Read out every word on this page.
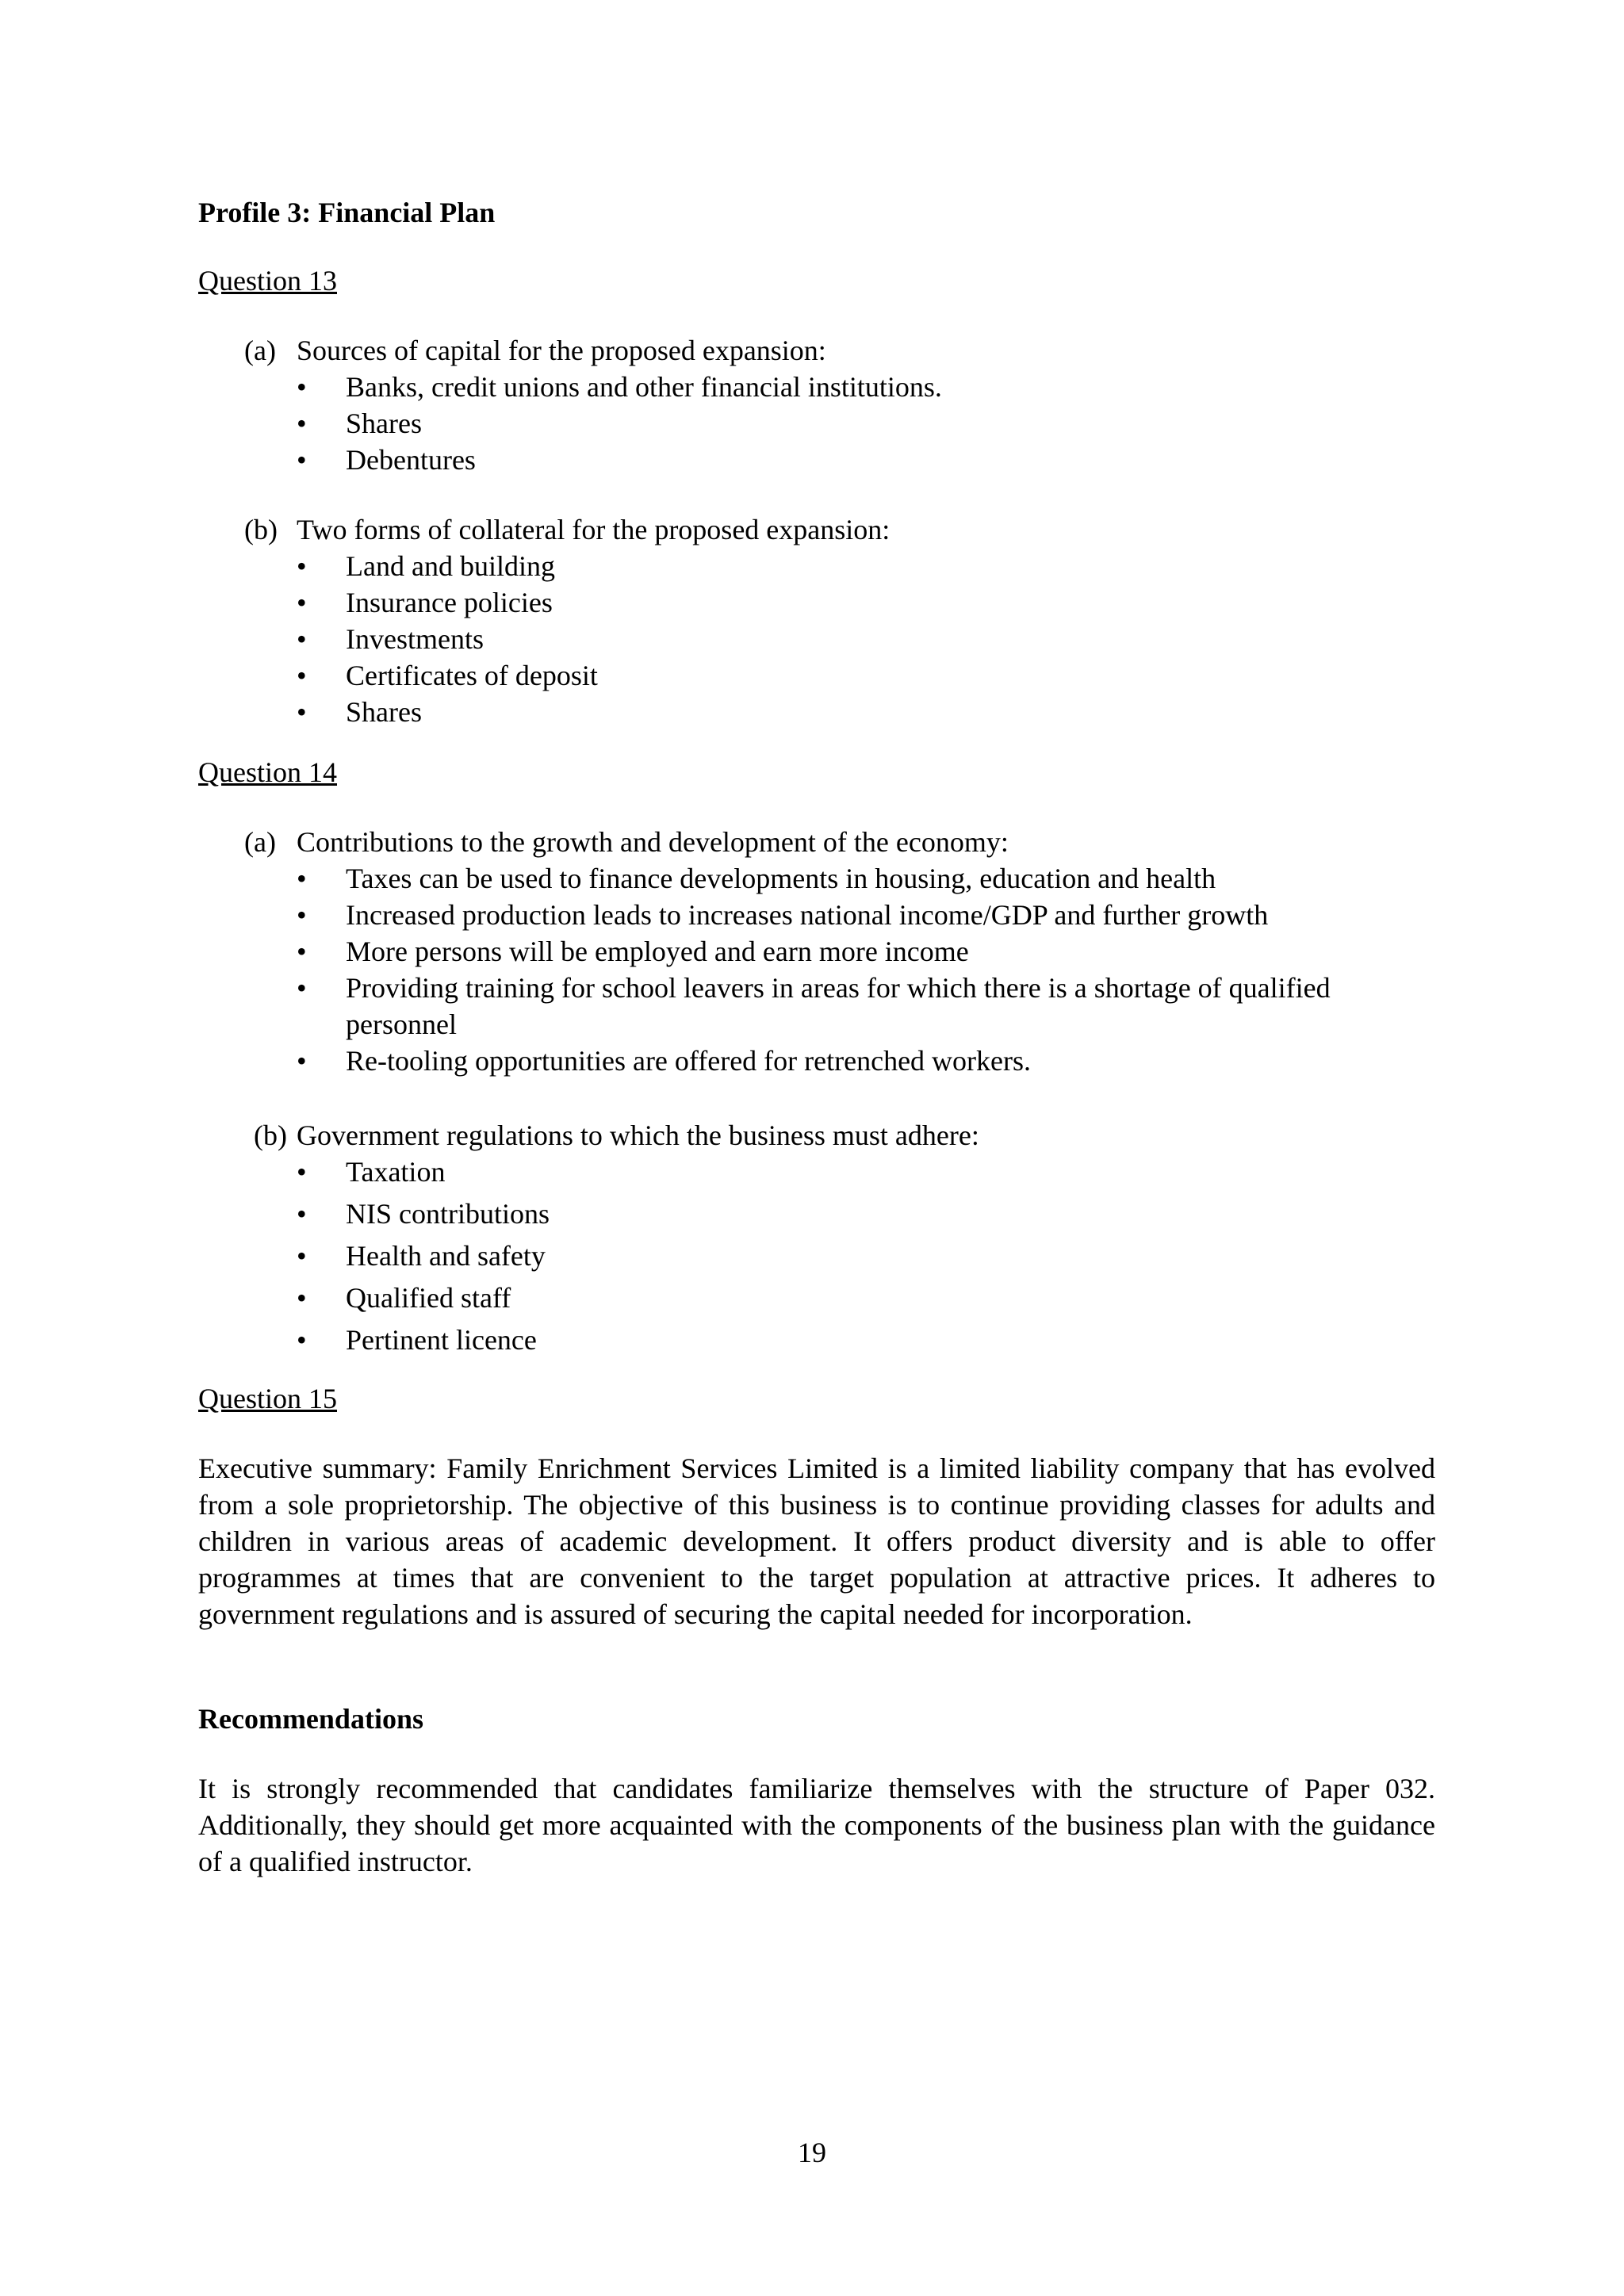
Profile 3: Financial Plan

Question 13

(a) Sources of capital for the proposed expansion:
• Banks, credit unions and other financial institutions.
• Shares
• Debentures
(b) Two forms of collateral for the proposed expansion:
• Land and building
• Insurance policies
• Investments
• Certificates of deposit
• Shares

Question 14

(a) Contributions to the growth and development of the economy:
• Taxes can be used to finance developments in housing, education and health
• Increased production leads to increases national income/GDP and further growth
• More persons will be employed and earn more income
• Providing training for school leavers in areas for which there is a shortage of qualified personnel
• Re-tooling opportunities are offered for retrenched workers.
(b) Government regulations to which the business must adhere:
• Taxation
• NIS contributions
• Health and safety
• Qualified staff
• Pertinent licence

Question 15

Executive summary: Family Enrichment Services Limited is a limited liability company that has evolved from a sole proprietorship. The objective of this business is to continue providing classes for adults and children in various areas of academic development. It offers product diversity and is able to offer programmes at times that are convenient to the target population at attractive prices. It adheres to government regulations and is assured of securing the capital needed for incorporation.

Recommendations

It is strongly recommended that candidates familiarize themselves with the structure of Paper 032. Additionally, they should get more acquainted with the components of the business plan with the guidance of a qualified instructor.

19
